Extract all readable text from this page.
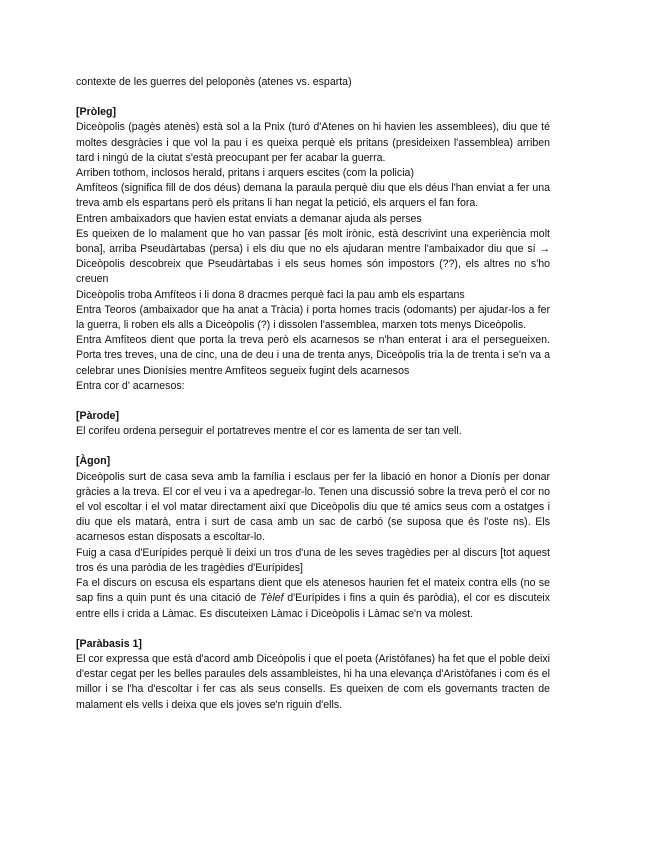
contexte de les guerres del peloponès (atenes vs. esparta)

[Pròleg]

Diceòpolis (pagès atenès) està sol a la Pnix (turó d'Atenes on hi havien les assemblees), diu que té moltes desgràcies i que vol la pau i es queixa perquè els pritans (presideixen l'assemblea) arriben tard i ningú de la ciutat s'està preocupant per fer acabar la guerra.

Arriben tothom, inclosos herald, pritans i arquers escites (com la policia)

Amfíteos (significa fill de dos déus) demana la paraula perquè diu que els déus l'han enviat a fer una treva amb els espartans però els pritans li han negat la petició, els arquers el fan fora.

Entren ambaixadors que havien estat enviats a demanar ajuda als perses

Es queixen de lo malament que ho van passar [és molt irònic, està descrivint una experiència molt bona], arriba Pseudàrtabas (persa) i els diu que no els ajudaran mentre l'ambaixador diu que sí → Diceòpolis descobreix que Pseudàrtabas i els seus homes són impostors (??), els altres no s'ho creuen

Diceòpolis troba Amfíteos i li dona 8 dracmes perquè faci la pau amb els espartans

Entra Teoros (ambaixador que ha anat a Tràcia) i porta homes tracis (odomants) per ajudar-los a fer la guerra, li roben els alls a Diceòpolis (?) i dissolen l'assemblea, marxen tots menys Diceòpolis.

Entra Amfíteos dient que porta la treva però els acarnesos se n'han enterat i ara el persegueixen. Porta tres treves, una de cinc, una de deu i una de trenta anys, Diceòpolis tria la de trenta i se'n va a celebrar unes Dionísies mentre Amfíteos segueix fugint dels acarnesos

Entra cor d' acarnesos:

[Pàrode]

El corifeu ordena perseguir el portatreves mentre el cor es lamenta de ser tan vell.

[Àgon]

Diceòpolis surt de casa seva amb la família i esclaus per fer la libació en honor a Dionís per donar gràcies a la treva. El cor el veu i va a apedregar-lo. Tenen una discussió sobre la treva però el cor no el vol escoltar i el vol matar directament així que Diceòpolis diu que té amics seus com a ostatges i diu que els matarà, entra i surt de casa amb un sac de carbó (se suposa que és l'oste ns). Els acarnesos estan disposats a escoltar-lo.

Fuig a casa d'Eurípides perquè li deixi un tros d'una de les seves tragèdies per al discurs [tot aquest tros és una paròdia de les tragèdies d'Eurípides]

Fa el discurs on escusa els espartans dient que els atenesos haurien fet el mateix contra ells (no se sap fins a quin punt és una citació de Tèlef d'Eurípides i fins a quin és paròdia), el cor es discuteix entre ells i crida a Làmac. Es discuteixen Làmac i Diceòpolis i Làmac se'n va molest.

[Paràbasis 1]

El cor expressa que està d'acord amb Diceòpolis i que el poeta (Aristòfanes) ha fet que el poble deixi d'estar cegat per les belles paraules dels assambleistes, hi ha una elevança d'Aristòfanes i com és el millor i se l'ha d'escoltar i fer cas als seus consells. Es queixen de com els governants tracten de malament els vells i deixa que els joves se'n riguin d'ells.
